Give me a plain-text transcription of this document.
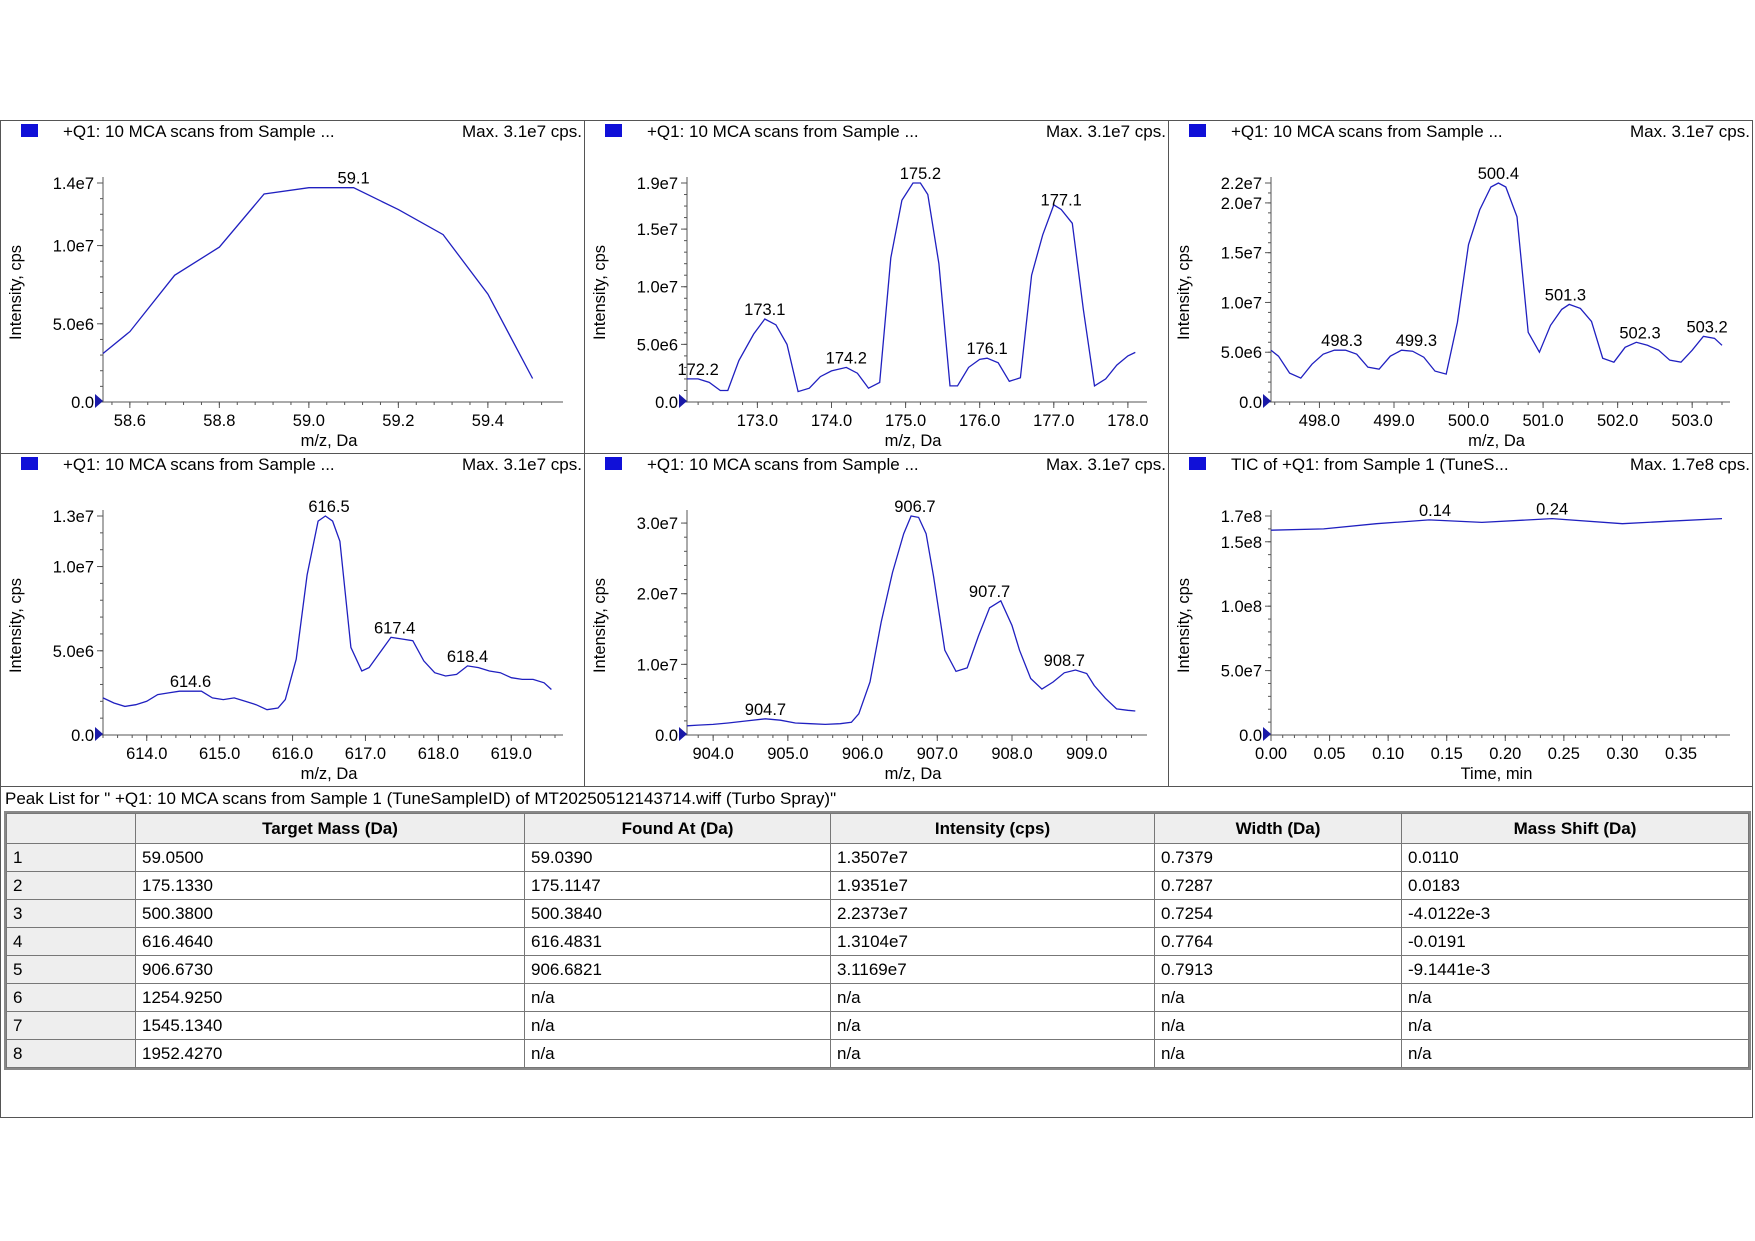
+Q1: 10 MCA scans from Sample ...	Max. 3.1e7 cps.
0.0
5.0e6
1.0e7
1.4e7
58.6	58.8	59.0	59.2	59.4
m/z, Da
Intensity, cps
59.1
+Q1: 10 MCA scans from Sample ...	Max. 3.1e7 cps.
0.0
5.0e6
1.0e7
1.5e7
1.9e7
173.0 174.0 175.0 176.0 177.0 178.0
m/z, Da
Intensity, cps
172.2
173.1
174.2
175.2
176.1
177.1
+Q1: 10 MCA scans from Sample ...	Max. 3.1e7 cps.
0.0
5.0e6
1.0e7
1.5e7
2.0e7
2.2e7
498.0 499.0 500.0 501.0 502.0 503.0
m/z, Da
Intensity, cps
498.3 499.3
500.4
501.3
502.3 503.2
+Q1: 10 MCA scans from Sample ...	Max. 3.1e7 cps.
0.0
5.0e6
1.0e7
1.3e7
614.0 615.0 616.0 617.0 618.0 619.0
m/z, Da
Intensity, cps
614.6
616.5
617.4
618.4
+Q1: 10 MCA scans from Sample ...	Max. 3.1e7 cps.
0.0
1.0e7
2.0e7
3.0e7
904.0 905.0 906.0 907.0 908.0 909.0
m/z, Da
Intensity, cps
904.7
906.7
907.7
908.7
TIC of +Q1: from Sample 1 (TuneS...	Max. 1.7e8 cps.
0.0
5.0e7
1.0e8
1.5e8
1.7e8
0.00 0.05 0.10 0.15 0.20 0.25 0.30 0.35
Time, min
Intensity, cps
0.14	0.24
Peak List for " +Q1: 10 MCA scans from Sample 1 (TuneSampleID) of MT20250512143714.wiff (Turbo Spray)"
	Target Mass (Da)	Found At (Da)	Intensity (cps)	Width (Da)	Mass Shift (Da)
1	59.0500	59.0390	1.3507e7	0.7379	0.0110
2	175.1330	175.1147	1.9351e7	0.7287	0.0183
3	500.3800	500.3840	2.2373e7	0.7254	-4.0122e-3
4	616.4640	616.4831	1.3104e7	0.7764	-0.0191
5	906.6730	906.6821	3.1169e7	0.7913	-9.1441e-3
6	1254.9250	n/a	n/a	n/a	n/a
7	1545.1340	n/a	n/a	n/a	n/a
8	1952.4270	n/a	n/a	n/a	n/a
